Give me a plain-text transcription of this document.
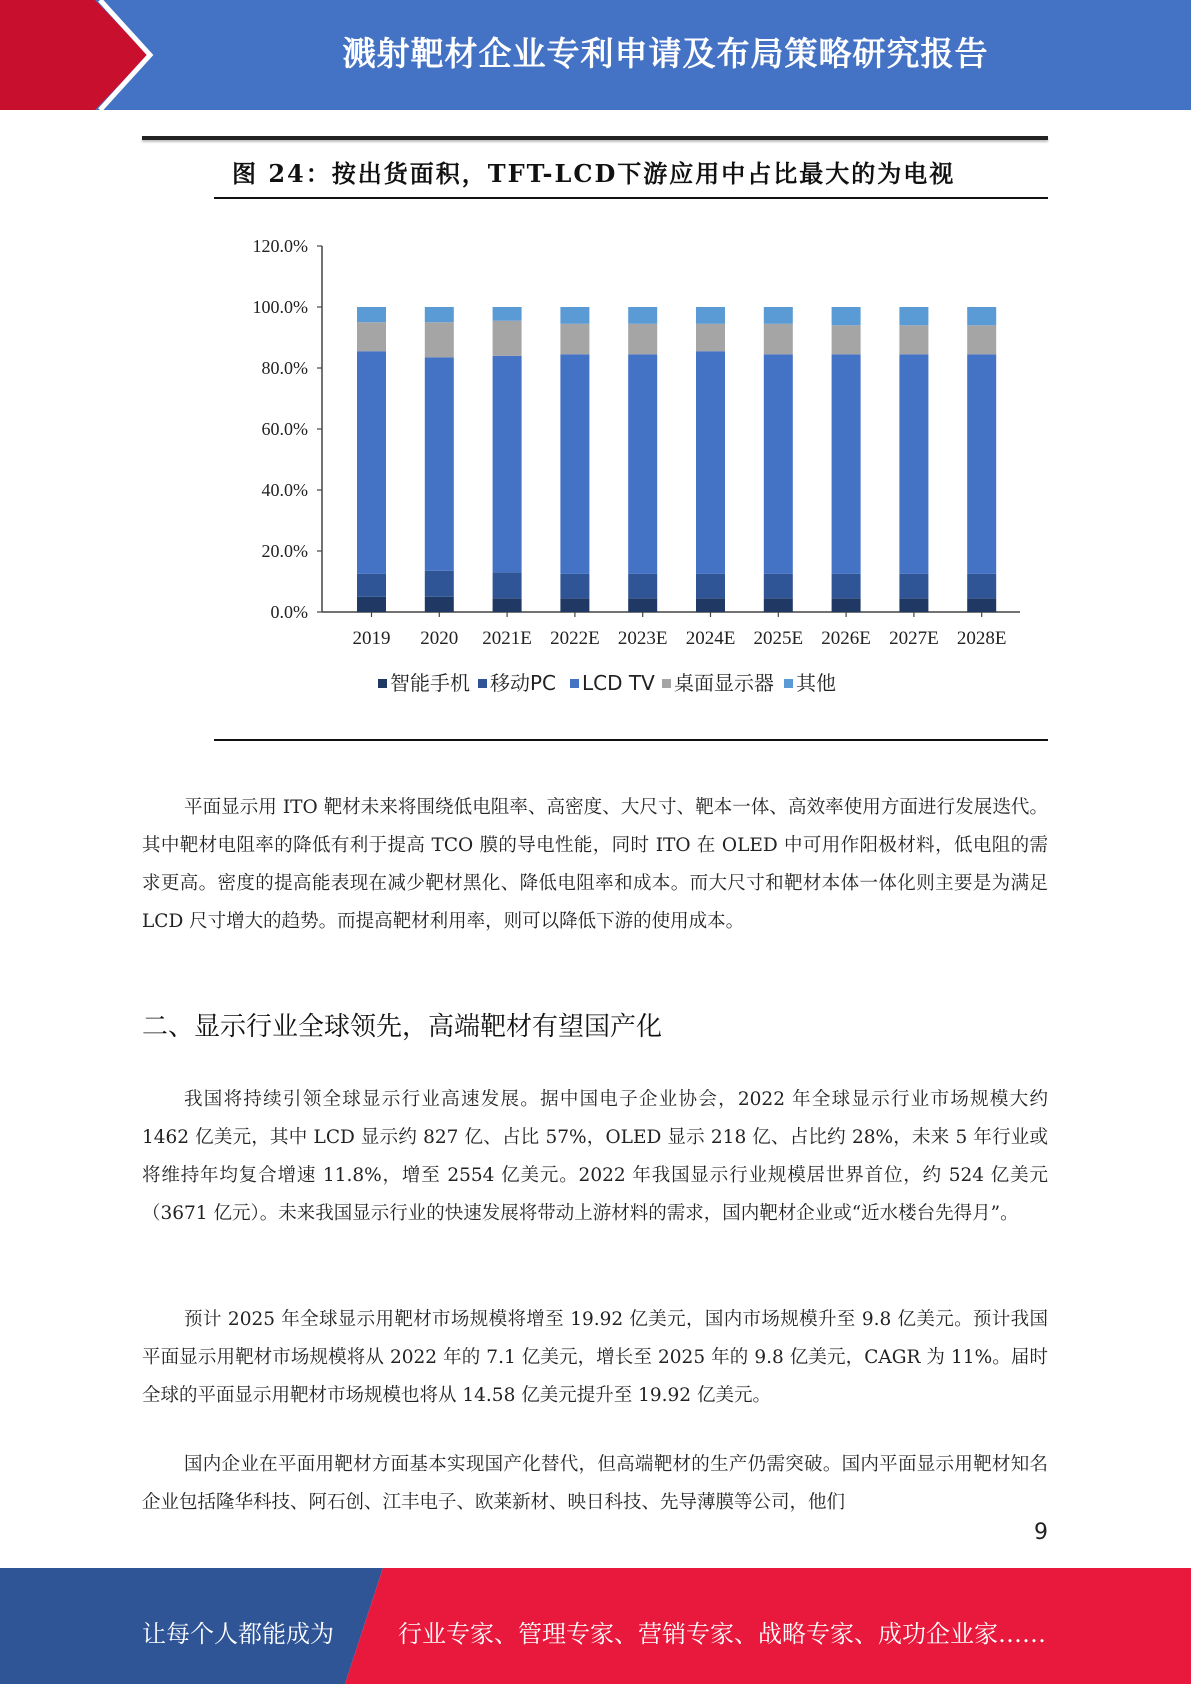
溅射靶材企业专利申请及布局策略研究报告
图 24：按出货面积，TFT-LCD下游应用中占比最大的为电视
0.0%
20.0%
40.0%
60.0%
80.0%
100.0%
120.0%
2019 2020 2021E 2022E 2023E 2024E 2025E 2026E 2027E 2028E
智能手机 移动PC LCD TV 桌面显示器 其他

平面显示用 ITO 靶材未来将围绕低电阻率、高密度、大尺寸、靶本一体、高效率使用方面进行发展迭代。其中靶材电阻率的降低有利于提高 TCO 膜的导电性能，同时 ITO 在 OLED 中可用作阳极材料，低电阻的需求更高。密度的提高能表现在减少靶材黑化、降低电阻率和成本。而大尺寸和靶材本体一体化则主要是为满足 LCD 尺寸增大的趋势。而提高靶材利用率，则可以降低下游的使用成本。

二、显示行业全球领先，高端靶材有望国产化

我国将持续引领全球显示行业高速发展。据中国电子企业协会，2022 年全球显示行业市场规模大约 1462 亿美元，其中 LCD 显示约 827 亿、占比 57%，OLED 显示 218 亿、占比约 28%，未来 5 年行业或将维持年均复合增速 11.8%，增至 2554 亿美元。2022 年我国显示行业规模居世界首位，约 524 亿美元（3671 亿元）。未来我国显示行业的快速发展将带动上游材料的需求，国内靶材企业或“近水楼台先得月”。

预计 2025 年全球显示用靶材市场规模将增至 19.92 亿美元，国内市场规模升至 9.8 亿美元。预计我国平面显示用靶材市场规模将从 2022 年的 7.1 亿美元，增长至 2025 年的 9.8 亿美元，CAGR 为 11%。届时全球的平面显示用靶材市场规模也将从 14.58 亿美元提升至 19.92 亿美元。

国内企业在平面用靶材方面基本实现国产化替代，但高端靶材的生产仍需突破。国内平面显示用靶材知名企业包括隆华科技、阿石创、江丰电子、欧莱新材、映日科技、先导薄膜等公司，他们

9
让每个人都能成为	行业专家、管理专家、营销专家、战略专家、成功企业家……
